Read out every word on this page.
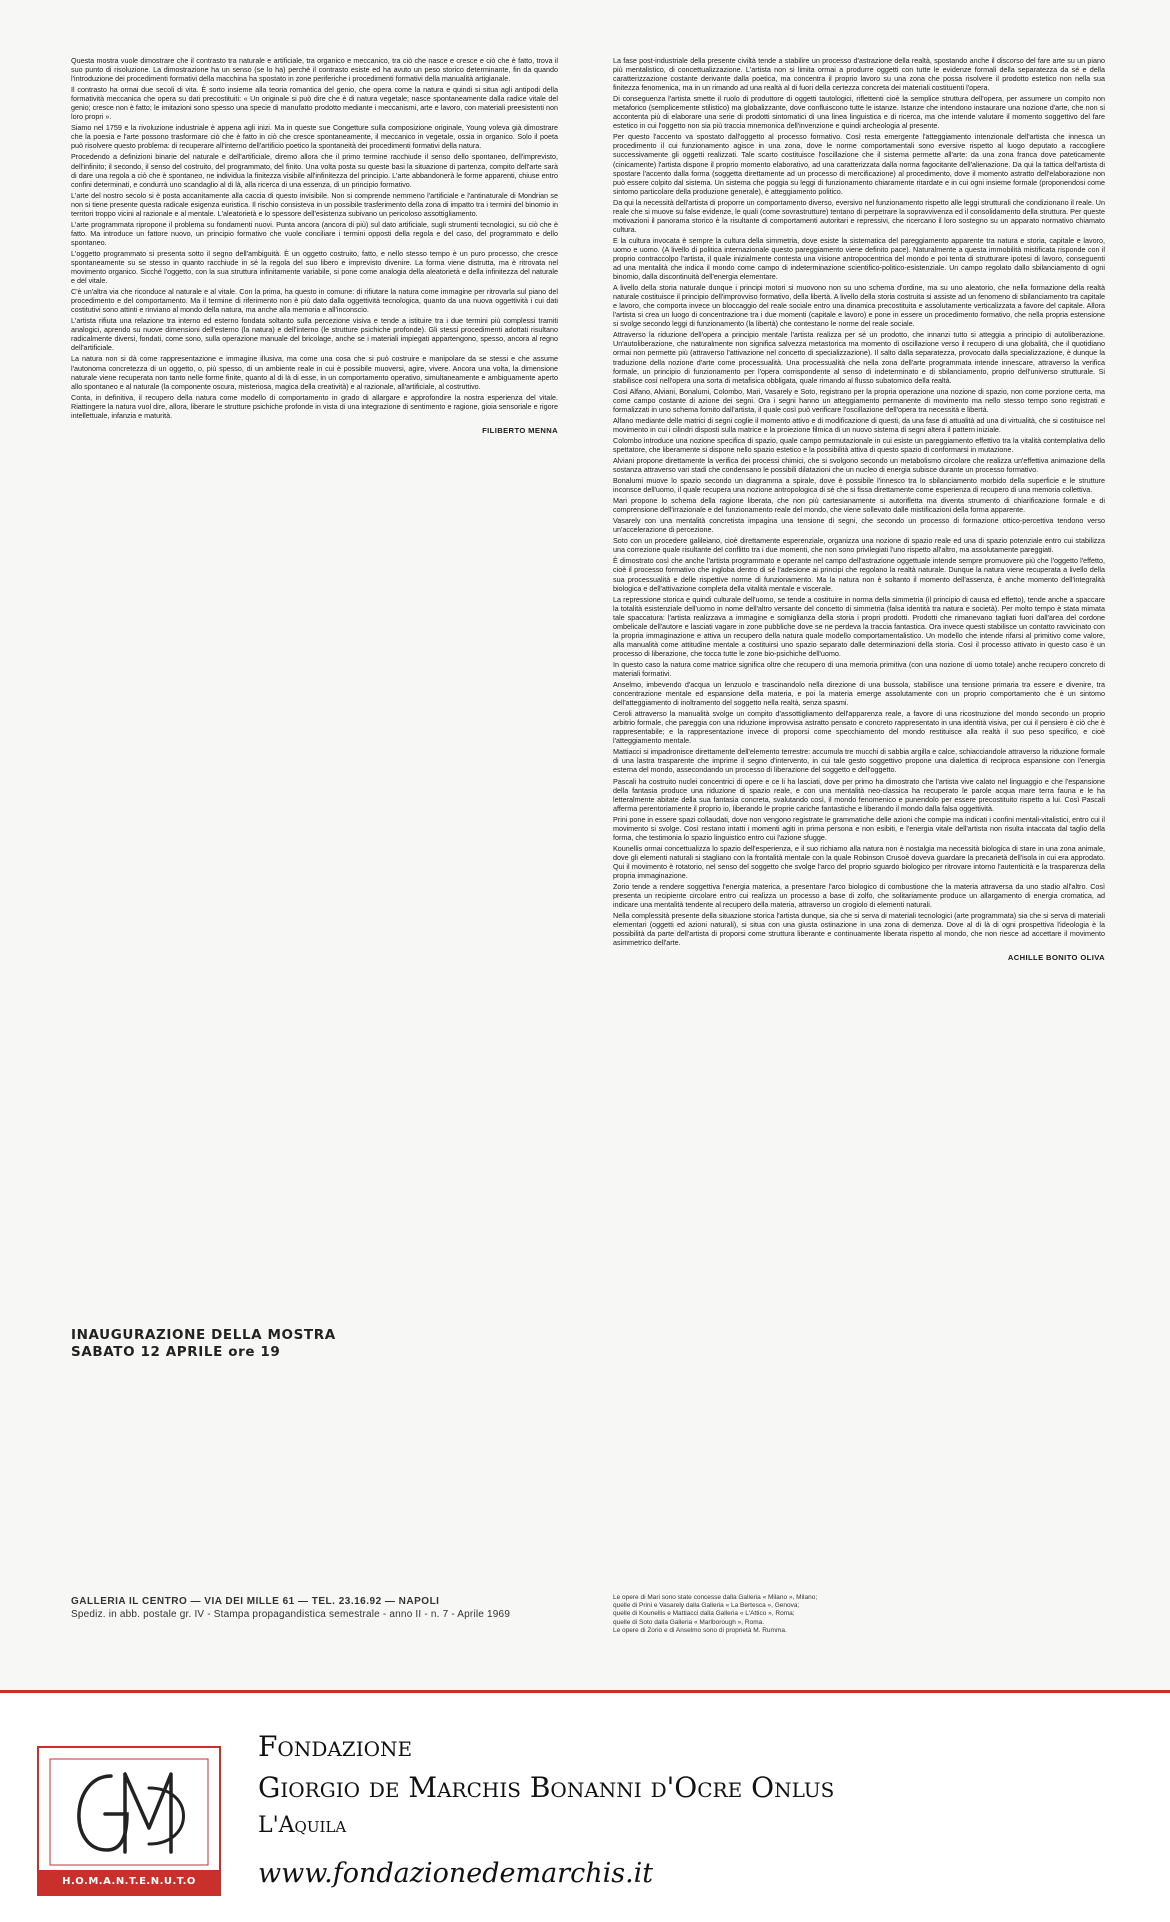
Questa mostra vuole dimostrare che il contrasto tra naturale e artificiale, tra organico e meccanico, tra ciò che nasce e cresce e ciò che è fatto, trova il suo punto di risoluzione. La dimostrazione ha un senso (se lo ha) perché il contrasto esiste ed ha avuto un peso storico determinante, fin da quando l'introduzione dei procedimenti formativi della macchina ha spostato in zone periferiche i procedimenti formativi della manualità artigianale.

Il contrasto ha ormai due secoli di vita. È sorto insieme alla teoria romantica del genio, che opera come la natura e quindi si situa agli antipodi della formatività meccanica che opera su dati precostituiti: « Un originale si può dire che è di natura vegetale; nasce spontaneamente dalla radice vitale del genio; cresce non è fatto; le imitazioni sono spesso una specie di manufatto prodotto mediante i meccanismi, arte e lavoro, con materiali preesistenti non loro propri ».

Siamo nel 1759 e la rivoluzione industriale è appena agli inizi. Ma in queste sue Congetture sulla composizione originale, Young voleva già dimostrare che la poesia e l'arte possono trasformare ciò che è fatto in ciò che cresce spontaneamente, il meccanico in vegetale, ossia in organico. Solo il poeta può risolvere questo problema: di recuperare all'interno dell'artificio poetico la spontaneità dei procedimenti formativi della natura.

Procedendo a definizioni binarie del naturale e dell'artificiale, diremo allora che il primo termine racchiude il senso dello spontaneo, dell'imprevisto, dell'infinito; il secondo, il senso del costruito, del programmato, del finito. Una volta posta su queste basi la situazione di partenza, compito dell'arte sarà di dare una regola a ciò che è spontaneo, ne individua la finitezza visibile all'infinitezza del principio. L'arte abbandonerà le forme apparenti, chiuse entro confini determinati, e condurrà uno scandaglio al di là, alla ricerca di una essenza, di un principio formativo.

L'arte del nostro secolo si è posta accanitamente alla caccia di questo invisibile. Non si comprende nemmeno l'artificiale e l'antinaturale di Mondrian se non si tiene presente questa radicale esigenza euristica. Il rischio consisteva in un possibile trasferimento della zona di impatto tra i termini del binomio in territori troppo vicini al razionale e al mentale. L'aleatorietà e lo spessore dell'esistenza subivano un pericoloso assottigliamento.

L'arte programmata ripropone il problema su fondamenti nuovi. Punta ancora (ancora di più) sul dato artificiale, sugli strumenti tecnologici, su ciò che è fatto. Ma introduce un fattore nuovo, un principio formativo che vuole conciliare i termini opposti della regola e del caso, del programmato e dello spontaneo.

L'oggetto programmato si presenta sotto il segno dell'ambiguità. È un oggetto costruito, fatto, e nello stesso tempo è un puro processo, che cresce spontaneamente su se stesso in quanto racchiude in sé la regola del suo libero e imprevisto divenire. La forma viene distrutta, ma è ritrovata nel movimento organico. Sicché l'oggetto, con la sua struttura infinitamente variabile, si pone come analogia della aleatorietà e della infinitezza del naturale e del vitale.

C'è un'altra via che riconduce al naturale e al vitale. Con la prima, ha questo in comune: di rifiutare la natura come immagine per ritrovarla sul piano del procedimento e del comportamento. Ma il termine di riferimento non è più dato dalla oggettività tecnologica, quanto da una nuova oggettività i cui dati costitutivi sono attinti e rinviano al mondo della natura, ma anche alla memoria e all'inconscio.

L'artista rifiuta una relazione tra interno ed esterno fondata soltanto sulla percezione visiva e tende a istituire tra i due termini più complessi tramiti analogici, aprendo su nuove dimensioni dell'esterno (la natura) e dell'interno (le strutture psichiche profonde). Gli stessi procedimenti adottati risultano radicalmente diversi, fondati, come sono, sulla operazione manuale del bricolage, anche se i materiali impiegati appartengono, spesso, ancora al regno dell'artificiale.

La natura non si dà come rappresentazione e immagine illusiva, ma come una cosa che si può costruire e manipolare da se stessi e che assume l'autonoma concretezza di un oggetto, o, più spesso, di un ambiente reale in cui è possibile muoversi, agire, vivere. Ancora una volta, la dimensione naturale viene recuperata non tanto nelle forme finite, quanto al di là di esse, in un comportamento operativo, simultaneamente e ambiguamente aperto allo spontaneo e al naturale (la componente oscura, misteriosa, magica della creatività) e al razionale, all'artificiale, al costruttivo.

Conta, in definitiva, il recupero della natura come modello di comportamento in grado di allargare e approfondire la nostra esperienza del vitale. Riattingere la natura vuol dire, allora, liberare le strutture psichiche profonde in vista di una integrazione di sentimento e ragione, gioia sensoriale e rigore intellettuale, infanzia e maturità.

FILIBERTO MENNA

La fase post-industriale della presente civiltà tende a stabilire un processo d'astrazione della realtà, spostando anche il discorso del fare arte su un piano più mentalistico, di concettualizzazione. L'artista non si limita ormai a produrre oggetti con tutte le evidenze formali della separatezza da sé e della caratterizzazione costante derivante dalla poetica, ma concentra il proprio lavoro su una zona che possa risolvere il prodotto estetico non nella sua finitezza fenomenica, ma in un rimando ad una realtà al di fuori della certezza concreta dei materiali costituenti l'opera.

Di conseguenza l'artista smette il ruolo di produttore di oggetti tautologici, riflettenti cioè la semplice struttura dell'opera, per assumere un compito non metaforico (semplicemente stilistico) ma globalizzante, dove confluiscono tutte le istanze. Istanze che intendono instaurare una nozione d'arte, che non si accontenta più di elaborare una serie di prodotti sintomatici di una linea linguistica e di ricerca, ma che intende valutare il momento soggettivo del fare estetico in cui l'oggetto non sia più traccia mnemonica dell'invenzione e quindi archeologia al presente.

Per questo l'accento va spostato dall'oggetto al processo formativo. Così resta emergente l'atteggiamento intenzionale dell'artista che innesca un procedimento il cui funzionamento agisce in una zona, dove le norme comportamentali sono eversive rispetto al luogo deputato a raccogliere successivamente gli oggetti realizzati. Tale scarto costituisce l'oscillazione che il sistema permette all'arte: da una zona franca dove pateticamente (cinicamente) l'artista dispone il proprio momento elaborativo, ad una caratterizzata dalla norma fagocitante dell'alienazione. Da qui la tattica dell'artista di spostare l'accento dalla forma (soggetta direttamente ad un processo di mercificazione) al procedimento, dove il momento astratto dell'elaborazione non può essere colpito dal sistema. Un sistema che poggia su leggi di funzionamento chiaramente ritardate e in cui ogni insieme formale (proponendosi come sintomo particolare della produzione generale), è atteggiamento politico.

Da qui la necessità dell'artista di proporre un comportamento diverso, eversivo nel funzionamento rispetto alle leggi strutturali che condizionano il reale. Un reale che si muove su false evidenze, le quali (come sovrastrutture) tentano di perpetrare la sopravvivenza ed il consolidamento della struttura. Per queste motivazioni il panorama storico è la risultante di comportamenti autoritari e repressivi, che ricercano il loro sostegno su un apparato normativo chiamato cultura.

E la cultura invocata è sempre la cultura della simmetria, dove esiste la sistematica del pareggiamento apparente tra natura e storia, capitale e lavoro, uomo e uomo. (A livello di politica internazionale questo pareggiamento viene definito pace). Naturalmente a questa immobilità mistificata risponde con il proprio contraccolpo l'artista, il quale inizialmente contesta una visione antropocentrica del mondo e poi tenta di strutturare ipotesi di lavoro, conseguenti ad una mentalità che indica il mondo come campo di indeterminazione scientifico-politico-esistenziale. Un campo regolato dallo sbilanciamento di ogni binomio, dalla discontinuità dell'energia elementare.

A livello della storia naturale dunque i principi motori si muovono non su uno schema d'ordine, ma su uno aleatorio, che nella formazione della realtà naturale costituisce il principio dell'improvviso formativo, della libertà. A livello della storia costruita si assiste ad un fenomeno di sbilanciamento tra capitale e lavoro, che comporta invece un bloccaggio del reale sociale entro una dinamica precostituita e assolutamente verticalizzata a favore del capitale. Allora l'artista si crea un luogo di concentrazione tra i due momenti (capitale e lavoro) e pone in essere un procedimento formativo, che nella propria estensione si svolge secondo leggi di funzionamento (la libertà) che contestano le norme del reale sociale.

Attraverso la riduzione dell'opera a principio mentale l'artista realizza per sé un prodotto, che innanzi tutto si atteggia a principio di autoliberazione. Un'autoliberazione, che naturalmente non significa salvezza metastorica ma momento di oscillazione verso il recupero di una globalità, che il quotidiano ormai non permette più (attraverso l'attivazione nel concetto di specializzazione). Il salto dalla separatezza, provocato dalla specializzazione, è dunque la traduzione della nozione d'arte come processualità. Una processualità che nella zona dell'arte programmata intende innescare, attraverso la verifica formale, un principio di funzionamento per l'opera corrispondente al senso di indeterminato e di sbilanciamento, proprio dell'universo strutturale. Si stabilisce così nell'opera una sorta di metafisica obbligata, quale rimando al flusso subatomico della realtà.

Così Alfano, Alviani, Bonalumi, Colombo, Mari, Vasarely e Soto, registrano per la propria operazione una nozione di spazio, non come porzione certa, ma come campo costante di azione dei segni. Ora i segni hanno un atteggiamento permanente di movimento ma nello stesso tempo sono registrati e formalizzati in uno schema fornito dall'artista, il quale così può verificare l'oscillazione dell'opera tra necessità e libertà.

Alfano mediante delle matrici di segni coglie il momento attivo e di modificazione di questi, da una fase di attualità ad una di virtualità, che si costituisce nel movimento in cui i cilindri disposti sulla matrice e la proiezione filmica di un nuovo sistema di segni altera il pattern iniziale.

Colombo introduce una nozione specifica di spazio, quale campo permutazionale in cui esiste un pareggiamento effettivo tra la vitalità contemplativa dello spettatore, che liberamente si dispone nello spazio estetico e la possibilità attiva di questo spazio di conformarsi in mutazione.

Alviani propone direttamente la verifica dei processi chimici, che si svolgono secondo un metabolismo circolare che realizza un'effettiva animazione della sostanza attraverso vari stadi che condensano le possibili dilatazioni che un nucleo di energia subisce durante un processo formativo.

Bonalumi muove lo spazio secondo un diagramma a spirale, dove è possibile l'innesco tra lo sbilanciamento morbido della superficie e le strutture inconsce dell'uomo, il quale recupera una nozione antropologica di sé che si fissa direttamente come esperienza di recupero di una memoria collettiva.

Mari propone lo schema della ragione liberata, che non più cartesianamente si autorifletta ma diventa strumento di chiarificazione formale e di comprensione dell'irrazionale e del funzionamento reale del mondo, che viene sollevato dalle mistificazioni della forma apparente.

Vasarely con una mentalità concretista impagina una tensione di segni, che secondo un processo di formazione ottico-percettiva tendono verso un'accelerazione di percezione.

Soto con un procedere galileiano, cioè direttamente esperenziale, organizza una nozione di spazio reale ed una di spazio potenziale entro cui stabilizza una correzione quale risultante del conflitto tra i due momenti, che non sono privilegiati l'uno rispetto all'altro, ma assolutamente pareggiati.

È dimostrato così che anche l'artista programmato e operante nel campo dell'astrazione oggettuale intende sempre promuovere più che l'oggetto l'effetto, cioè il processo formativo che ingloba dentro di sé l'adesione ai principi che regolano la realtà naturale. Dunque la natura viene recuperata a livello della sua processualità e delle rispettive norme di funzionamento. Ma la natura non è soltanto il momento dell'assenza, è anche momento dell'integralità biologica e dell'attivazione completa della vitalità mentale e viscerale.

La repressione storica e quindi culturale dell'uomo, se tende a costituire in norma della simmetria (il principio di causa ed effetto), tende anche a spaccare la totalità esistenziale dell'uomo in nome dell'altro versante del concetto di simmetria (falsa identità tra natura e società). Per molto tempo è stata mimata tale spaccatura: l'artista realizzava a immagine e somiglianza della storia i propri prodotti. Prodotti che rimanevano tagliati fuori dall'area del cordone ombelicale dell'autore e lasciati vagare in zone pubbliche dove se ne perdeva la traccia fantastica. Ora invece questi stabilisce un contatto ravvicinato con la propria immaginazione e attiva un recupero della natura quale modello comportamentalistico. Un modello che intende rifarsi al primitivo come valore, alla manualità come attitudine mentale a costituirsi uno spazio separato dalle determinazioni della storia. Così il processo attivato in questo caso è un processo di liberazione, che tocca tutte le zone bio-psichiche dell'uomo.

In questo caso la natura come matrice significa oltre che recupero di una memoria primitiva (con una nozione di uomo totale) anche recupero concreto di materiali formativi.

Anselmo, imbevendo d'acqua un lenzuolo e trascinandolo nella direzione di una bussola, stabilisce una tensione primaria tra essere e divenire, tra concentrazione mentale ed espansione della materia, e poi la materia emerge assolutamente con un proprio comportamento che è un sintomo dell'atteggiamento di inoltramento del soggetto nella realtà, senza spasmi.

Ceroli attraverso la manualità svolge un compito d'assottigliamento dell'apparenza reale, a favore di una ricostruzione del mondo secondo un proprio arbitrio formale, che pareggia con una riduzione improvvisa astratto pensato e concreto rappresentato in una identità visiva, per cui il pensiero è ciò che è rappresentabile; e la rappresentazione invece di proporsi come specchiamento del mondo restituisce alla realtà il suo peso specifico, e cioè l'atteggiamento mentale.

Mattiacci si impadronisce direttamente dell'elemento terrestre: accumula tre mucchi di sabbia argilla e calce, schiacciandole attraverso la riduzione formale di una lastra trasparente che imprime il segno d'intervento, in cui tale gesto soggettivo propone una dialettica di reciproca espansione con l'energia esterna del mondo, assecondando un processo di liberazione del soggetto e dell'oggetto.

Pascali ha costruito nuclei concentrici di opere e ce li ha lasciati, dove per primo ha dimostrato che l'artista vive calato nel linguaggio e che l'espansione della fantasia produce una riduzione di spazio reale, e con una mentalità neo-classica ha recuperato le parole acqua mare terra fauna e le ha letteralmente abitate della sua fantasia concreta, svalutando così, il mondo fenomenico e punendolo per essere precostituito rispetto a lui. Così Pascali afferma perentoriamente il proprio io, liberando le proprie cariche fantastiche e liberando il mondo dalla falsa oggettività.

Prini pone in essere spazi collaudati, dove non vengono registrate le grammatiche delle azioni che compie ma indicati i confini mentali-vitalistici, entro cui il movimento si svolge. Così restano intatti i momenti agiti in prima persona e non esibiti, e l'energia vitale dell'artista non risulta intaccata dal taglio della forma, che testimonia lo spazio linguistico entro cui l'azione sfugge.

Kounellis ormai concettualizza lo spazio dell'esperienza, e il suo richiamo alla natura non è nostalgia ma necessità biologica di stare in una zona animale, dove gli elementi naturali si stagliano con la frontalità mentale con la quale Robinson Crusoè doveva guardare la precarietà dell'isola in cui era approdato. Qui il movimento è rotatorio, nel senso del soggetto che svolge l'arco del proprio sguardo biologico per ritrovare intorno l'autenticità e la trasparenza della propria immaginazione.

Zorio tende a rendere soggettiva l'energia materica, a presentare l'arco biologico di combustione che la materia attraversa da uno stadio all'altro. Così presenta un recipiente circolare entro cui realizza un processo a base di zolfo, che solitariamente produce un allargamento di energia cromatica, ad indicare una mentalità tendente al recupero della materia, attraverso un crogiolo di elementi naturali.

Nella complessità presente della situazione storica l'artista dunque, sia che si serva di materiali tecnologici (arte programmata) sia che si serva di materiali elementari (oggetti ed azioni naturali), si situa con una giusta ostinazione in una zona di demenza. Dove al di là di ogni prospettiva l'ideologia è la possibilità da parte dell'artista di proporsi come struttura liberante e continuamente liberata rispetto al mondo, che non riesce ad accettare il movimento asimmetrico dell'arte.

ACHILLE BONITO OLIVA
INAUGURAZIONE DELLA MOSTRA
SABATO 12 APRILE ore 19
GALLERIA IL CENTRO — VIA DEI MILLE 61 — TEL. 23.16.92 — NAPOLI
Spediz. in abb. postale gr. IV - Stampa propagandistica semestrale - anno II - n. 7 - Aprile 1969
Le opere di Mari sono state concesse dalla Galleria « Milano », Milano;
quelle di Prini e Vasarely dalla Galleria « La Bertesca », Genova;
quelle di Kounellis e Mattiacci dalla Galleria « L'Attico », Roma;
quelle di Soto dalla Galleria « Marlborough », Roma.
Le opere di Zorio e di Anselmo sono di proprietà M. Rumma.
H.O.M.A.N.T.E.N.U.T.O
Fondazione
Giorgio de Marchis Bonanni d'Ocre Onlus
L'Aquila
www.fondazionedemarchis.it
